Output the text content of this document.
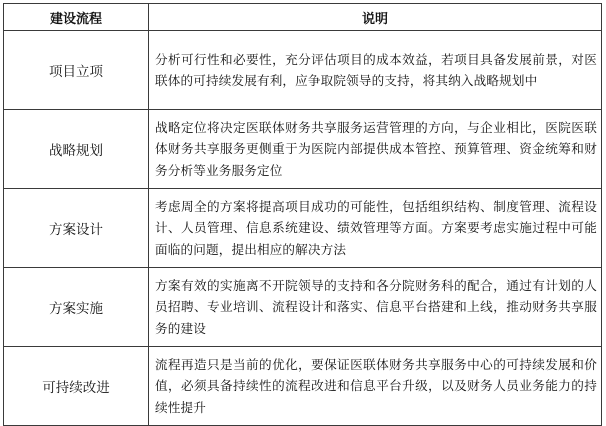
建设流程	说明
项目立项	分析可行性和必要性，充分评估项目的成本效益，若项目具备发展前景，对医联体的可持续发展有利，应争取院领导的支持，将其纳入战略规划中
战略规划	战略定位将决定医联体财务共享服务运营管理的方向，与企业相比，医院医联体财务共享服务更侧重于为医院内部提供成本管控、预算管理、资金统筹和财务分析等业务服务定位
方案设计	考虑周全的方案将提高项目成功的可能性，包括组织结构、制度管理、流程设计、人员管理、信息系统建设、绩效管理等方面。方案要考虑实施过程中可能面临的问题，提出相应的解决方法
方案实施	方案有效的实施离不开院领导的支持和各分院财务科的配合，通过有计划的人员招聘、专业培训、流程设计和落实、信息平台搭建和上线，推动财务共享服务的建设
可持续改进	流程再造只是当前的优化，要保证医联体财务共享服务中心的可持续发展和价值，必须具备持续性的流程改进和信息平台升级，以及财务人员业务能力的持续性提升
